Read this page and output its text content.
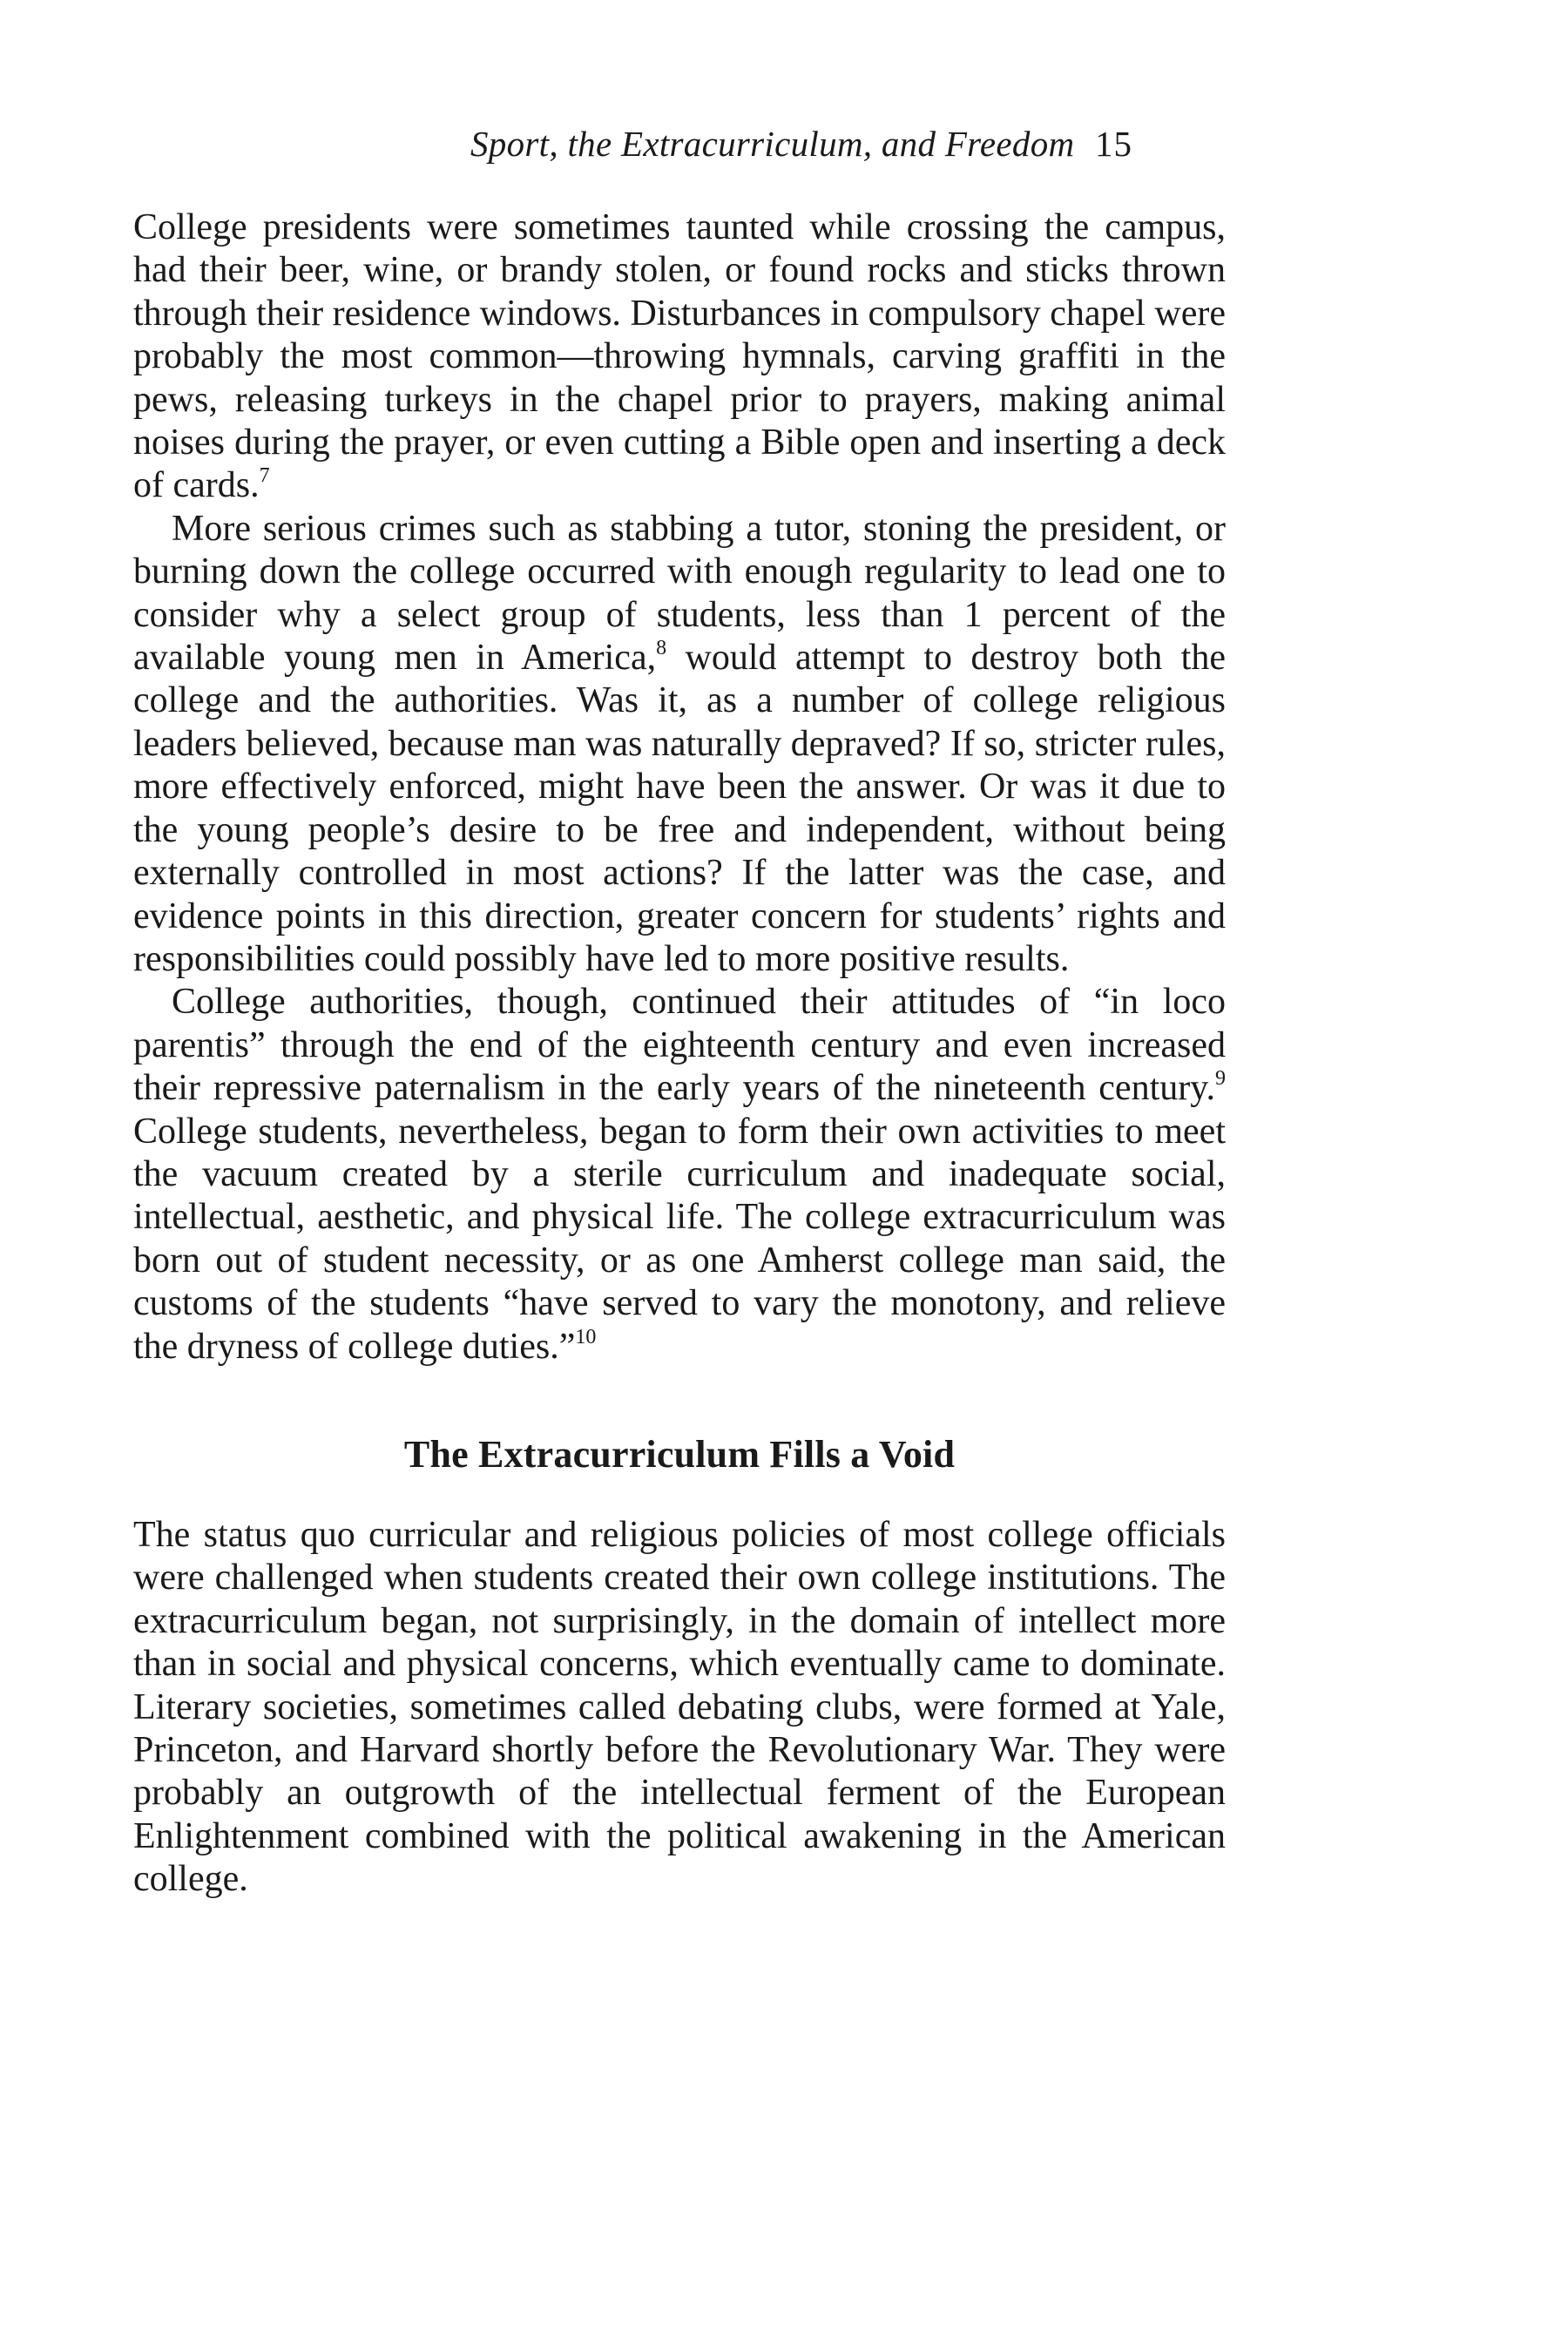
Sport, the Extracurriculum, and Freedom 15

College presidents were sometimes taunted while crossing the campus, had their beer, wine, or brandy stolen, or found rocks and sticks thrown through their residence windows. Disturbances in compulsory chapel were probably the most common—throwing hymnals, carving graffiti in the pews, releasing turkeys in the chapel prior to prayers, making animal noises during the prayer, or even cutting a Bible open and inserting a deck of cards.$^7$

More serious crimes such as stabbing a tutor, stoning the president, or burning down the college occurred with enough regularity to lead one to consider why a select group of students, less than 1 percent of the available young men in America,$^8$ would attempt to destroy both the college and the authorities. Was it, as a number of college religious leaders believed, because man was naturally depraved? If so, stricter rules, more effectively enforced, might have been the answer. Or was it due to the young people’s desire to be free and independent, without being externally controlled in most actions? If the latter was the case, and evidence points in this direction, greater concern for students’ rights and responsibilities could possibly have led to more positive results.

College authorities, though, continued their attitudes of “in loco parentis” through the end of the eighteenth century and even increased their repressive paternalism in the early years of the nineteenth century.$^9$ College students, nevertheless, began to form their own activities to meet the vacuum created by a sterile curriculum and inadequate social, intellectual, aesthetic, and physical life. The college extracurriculum was born out of student necessity, or as one Amherst college man said, the customs of the students “have served to vary the monotony, and relieve the dryness of college duties.”$^{10}$

The Extracurriculum Fills a Void

The status quo curricular and religious policies of most college officials were challenged when students created their own college institutions. The extracurriculum began, not surprisingly, in the domain of intellect more than in social and physical concerns, which eventually came to dominate. Literary societies, sometimes called debating clubs, were formed at Yale, Princeton, and Harvard shortly before the Revolutionary War. They were probably an outgrowth of the intellectual ferment of the European Enlightenment combined with the political awakening in the American college.
